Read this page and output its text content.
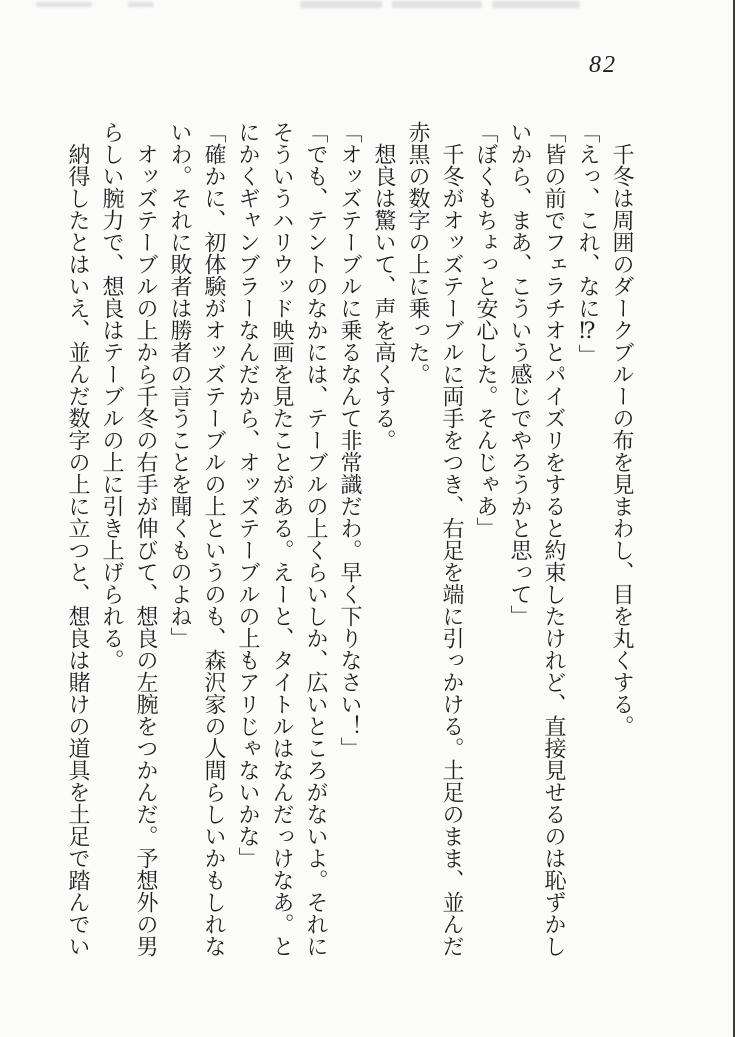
82

千冬は周囲のダークブルーの布を見まわし、目を丸くする。

「えっ、これ、なに⁉」

「皆の前でフェラチオとパイズリをすると約束したけれど、直接見せるのは恥ずかしいから、まあ、こういう感じでやろうかと思って」

「ぼくもちょっと安心した。そんじゃあ」

千冬がオッズテーブルに両手をつき、右足を端に引っかける。土足のまま、並んだ赤黒の数字の上に乗った。

想良は驚いて、声を高くする。

「オッズテーブルに乗るなんて非常識だわ。早く下りなさい！」

「でも、テントのなかには、テーブルの上くらいしか、広いところがないよ。それにそういうハリウッド映画を見たことがある。えーと、タイトルはなんだっけなあ。とにかくギャンブラーなんだから、オッズテーブルの上もアリじゃないかな」

「確かに、初体験がオッズテーブルの上というのも、森沢家の人間らしいかもしれないわ。それに敗者は勝者の言うことを聞くものよね」

オッズテーブルの上から千冬の右手が伸びて、想良の左腕をつかんだ。予想外の男らしい腕力で、想良はテーブルの上に引き上げられる。

納得したとはいえ、並んだ数字の上に立つと、想良は賭けの道具を土足で踏んでい
